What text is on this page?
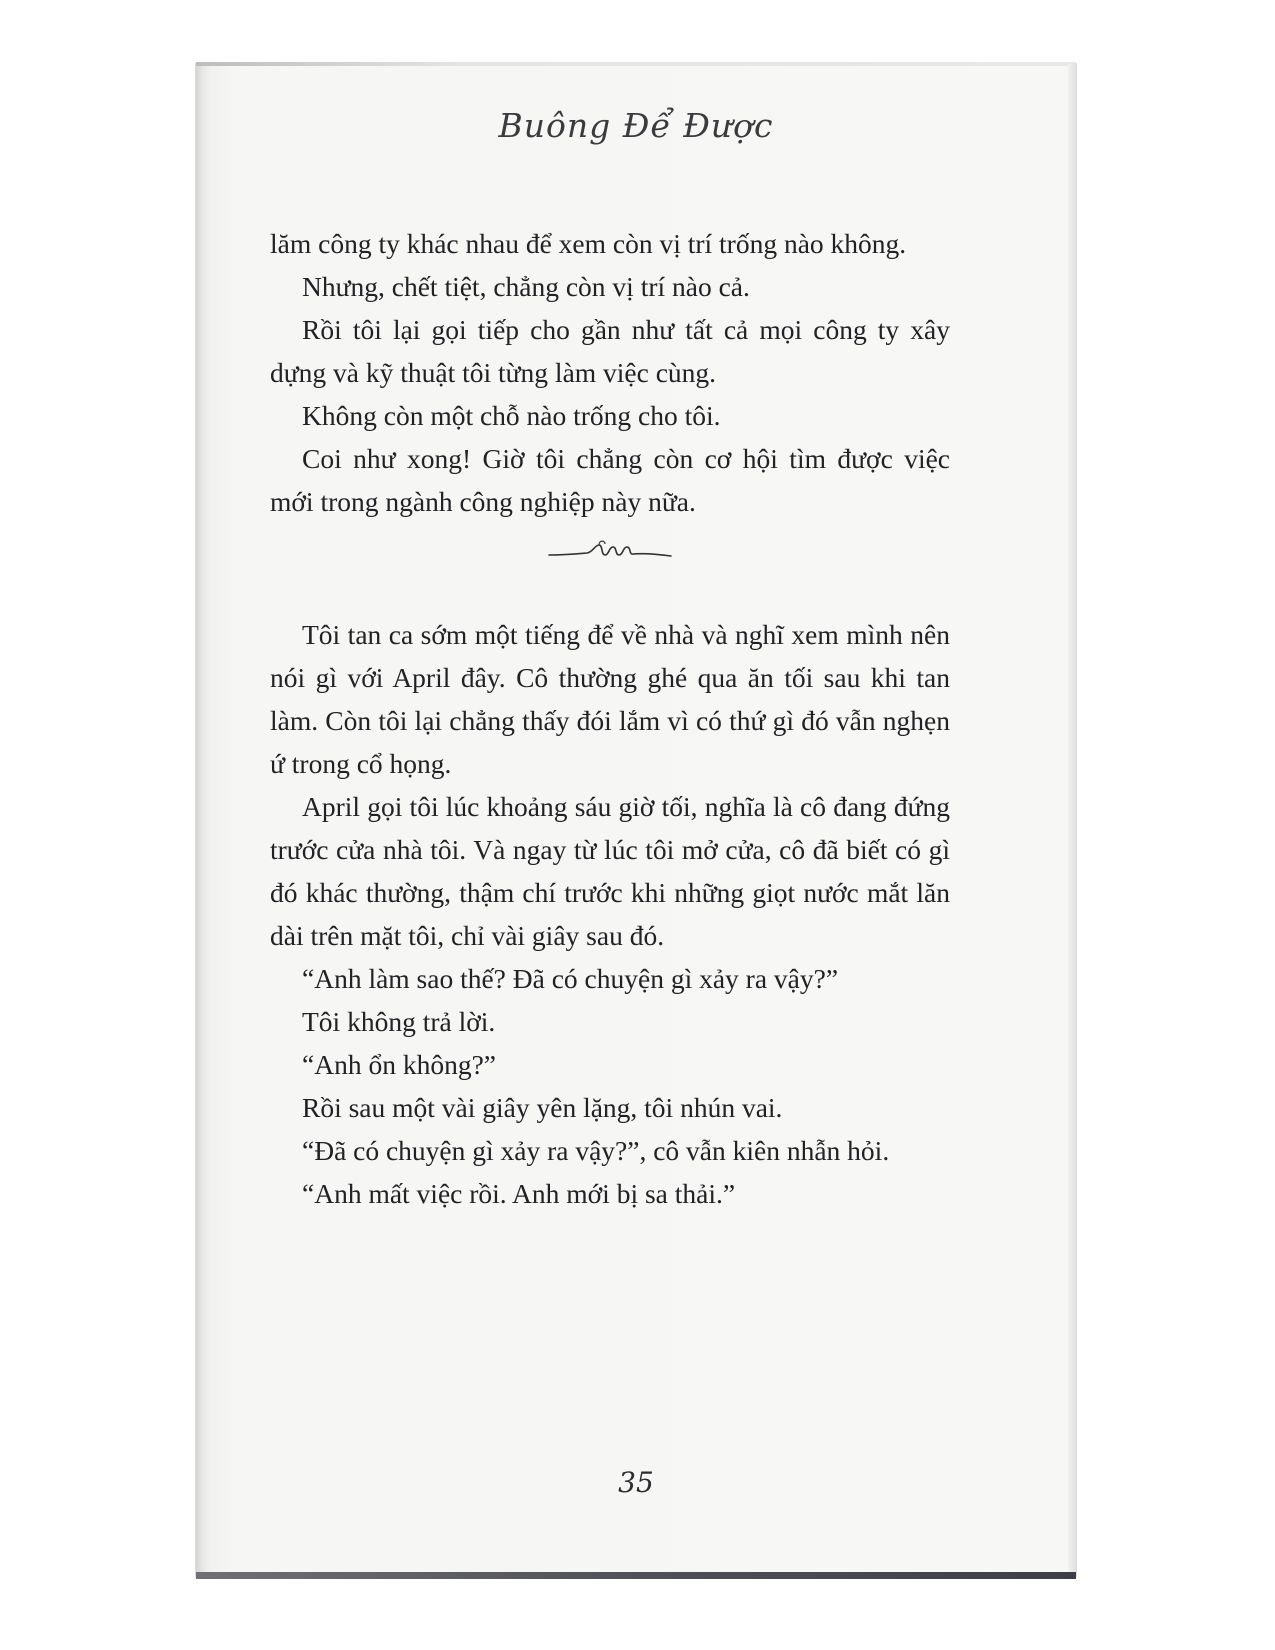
Buông Để Được

lăm công ty khác nhau để xem còn vị trí trống nào không.

Nhưng, chết tiệt, chẳng còn vị trí nào cả.

Rồi tôi lại gọi tiếp cho gần như tất cả mọi công ty xây dựng và kỹ thuật tôi từng làm việc cùng.

Không còn một chỗ nào trống cho tôi.

Coi như xong! Giờ tôi chẳng còn cơ hội tìm được việc mới trong ngành công nghiệp này nữa.

Tôi tan ca sớm một tiếng để về nhà và nghĩ xem mình nên nói gì với April đây. Cô thường ghé qua ăn tối sau khi tan làm. Còn tôi lại chẳng thấy đói lắm vì có thứ gì đó vẫn nghẹn ứ trong cổ họng.

April gọi tôi lúc khoảng sáu giờ tối, nghĩa là cô đang đứng trước cửa nhà tôi. Và ngay từ lúc tôi mở cửa, cô đã biết có gì đó khác thường, thậm chí trước khi những giọt nước mắt lăn dài trên mặt tôi, chỉ vài giây sau đó.

“Anh làm sao thế? Đã có chuyện gì xảy ra vậy?”

Tôi không trả lời.

“Anh ổn không?”

Rồi sau một vài giây yên lặng, tôi nhún vai.

“Đã có chuyện gì xảy ra vậy?”, cô vẫn kiên nhẫn hỏi.

“Anh mất việc rồi. Anh mới bị sa thải.”

35
